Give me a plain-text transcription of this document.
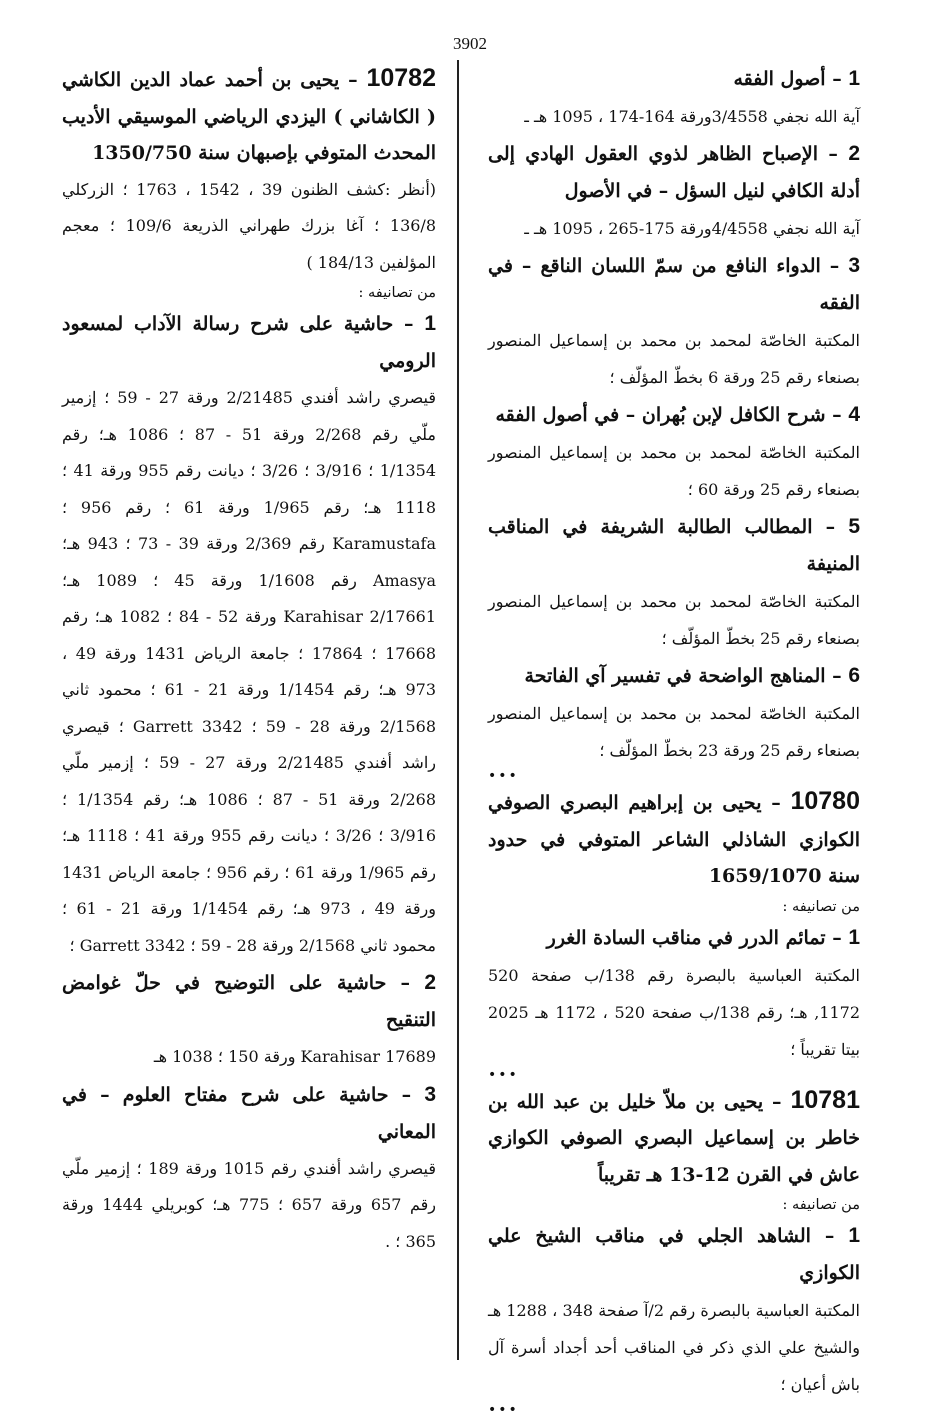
3902

1 – أصول الفقه

آية الله نجفي 3/4558ورقة 164-174 ، 1095 هـ ـ

2 – الإصباح الظاهر لذوي العقول الهادي إلى أدلة الكافي لنيل السؤل – في الأصول

آية الله نجفي 4/4558ورقة 175-265 ، 1095 هـ ـ

3 – الدواء النافع من سمّ اللسان الناقع – في الفقه

المكتبة الخاصّة لمحمد بن محمد بن إسماعيل المنصور بصنعاء رقم 25 ورقة 6 بخطّ المؤلّف ؛

4 – شرح الكافل لإبن بُهران – في أصول الفقه

المكتبة الخاصّة لمحمد بن محمد بن إسماعيل المنصور بصنعاء رقم 25 ورقة 60 ؛

5 – المطالب الطالبة الشريفة في المناقب المنيفة

المكتبة الخاصّة لمحمد بن محمد بن إسماعيل المنصور بصنعاء رقم 25 بخطّ المؤلّف ؛

6 – المناهج الواضحة في تفسير آي الفاتحة

المكتبة الخاصّة لمحمد بن محمد بن إسماعيل المنصور بصنعاء رقم 25 ورقة 23 بخطّ المؤلّف ؛

•••

10780 – يحيى بن إبراهيم البصري الصوفي الكوازي الشاذلي الشاعر المتوفي في حدود سنة 1659/1070

من تصانيفه :

1 – تمائم الدرر في مناقب السادة الغرر

المكتبة العباسية بالبصرة رقم 138/ب صفحة 520 1172, هـ؛ رقم 138/ب صفحة 520 ، 1172 هـ 2025 بيتا تقريباً ؛

•••

10781 – يحيى بن ملاّ خليل بن عبد الله بن خاطر بن إسماعيل البصري الصوفي الكوازي عاش في القرن 12-13 هـ تقريباً

من تصانيفه :

1 – الشاهد الجلي في مناقب الشيخ علي الكوازي

المكتبة العباسية بالبصرة رقم 2/آ صفحة 348 ، 1288 هـ والشيخ علي الذي ذكر في المناقب أحد أجداد أسرة آل باش أعيان ؛

•••

10782 – يحيى بن أحمد عماد الدين الكاشي ( الكاشاني ) اليزدي الرياضي الموسيقي الأديب المحدث المتوفي بإصبهان سنة 1350/750

(أنظر :كشف الظنون 39 ، 1542 ، 1763 ؛ الزركلي 136/8 ؛ آغا بزرك طهراني الذريعة 109/6 ؛ معجم المؤلفين 184/13 )

من تصانيفه :

1 – حاشية على شرح رسالة الآداب لمسعود الرومي

قيصري راشد أفندي 2/21485 ورقة 27 - 59 ؛ إزمير ملّي رقم 2/268 ورقة 51 - 87 ؛ 1086 هـ؛ رقم 1/1354 ؛ 3/916 ؛ 3/26 ؛ ديانت رقم 955 ورقة 41 ؛ 1118 هـ؛ رقم 1/965 ورقة 61 ؛ رقم 956 ؛ Karamustafa رقم 2/369 ورقة 39 - 73 ؛ 943 هـ؛ Amasya رقم 1/1608 ورقة 45 ؛ 1089 هـ؛ Karahisar 2/17661 ورقة 52 - 84 ؛ 1082 هـ؛ رقم 17668 ؛ 17864 ؛ جامعة الرياض 1431 ورقة 49 ، 973 هـ؛ رقم 1/1454 ورقة 21 - 61 ؛ محمود ثاني 2/1568 ورقة 28 - 59 ؛ Garrett 3342 ؛ قيصري راشد أفندي 2/21485 ورقة 27 - 59 ؛ إزمير ملّي 2/268 ورقة 51 - 87 ؛ 1086 هـ؛ رقم 1/1354 ؛ 3/916 ؛ 3/26 ؛ ديانت رقم 955 ورقة 41 ؛ 1118 هـ؛ رقم 1/965 ورقة 61 ؛ رقم 956 ؛ جامعة الرياض 1431 ورقة 49 ، 973 هـ؛ رقم 1/1454 ورقة 21 - 61 ؛ محمود ثاني 2/1568 ورقة 28 - 59 ؛ Garrett 3342 ؛

2 – حاشية على التوضيح في حلّ غوامض التنقيح

Karahisar 17689 ورقة 150 ؛ 1038 هـ

3 – حاشية على شرح مفتاح العلوم – في المعاني

قيصري راشد أفندي رقم 1015 ورقة 189 ؛ إزمير ملّي رقم 657 ورقة 657 ؛ 775 هـ؛ كوبريلي 1444 ورقة 365 ؛ .
